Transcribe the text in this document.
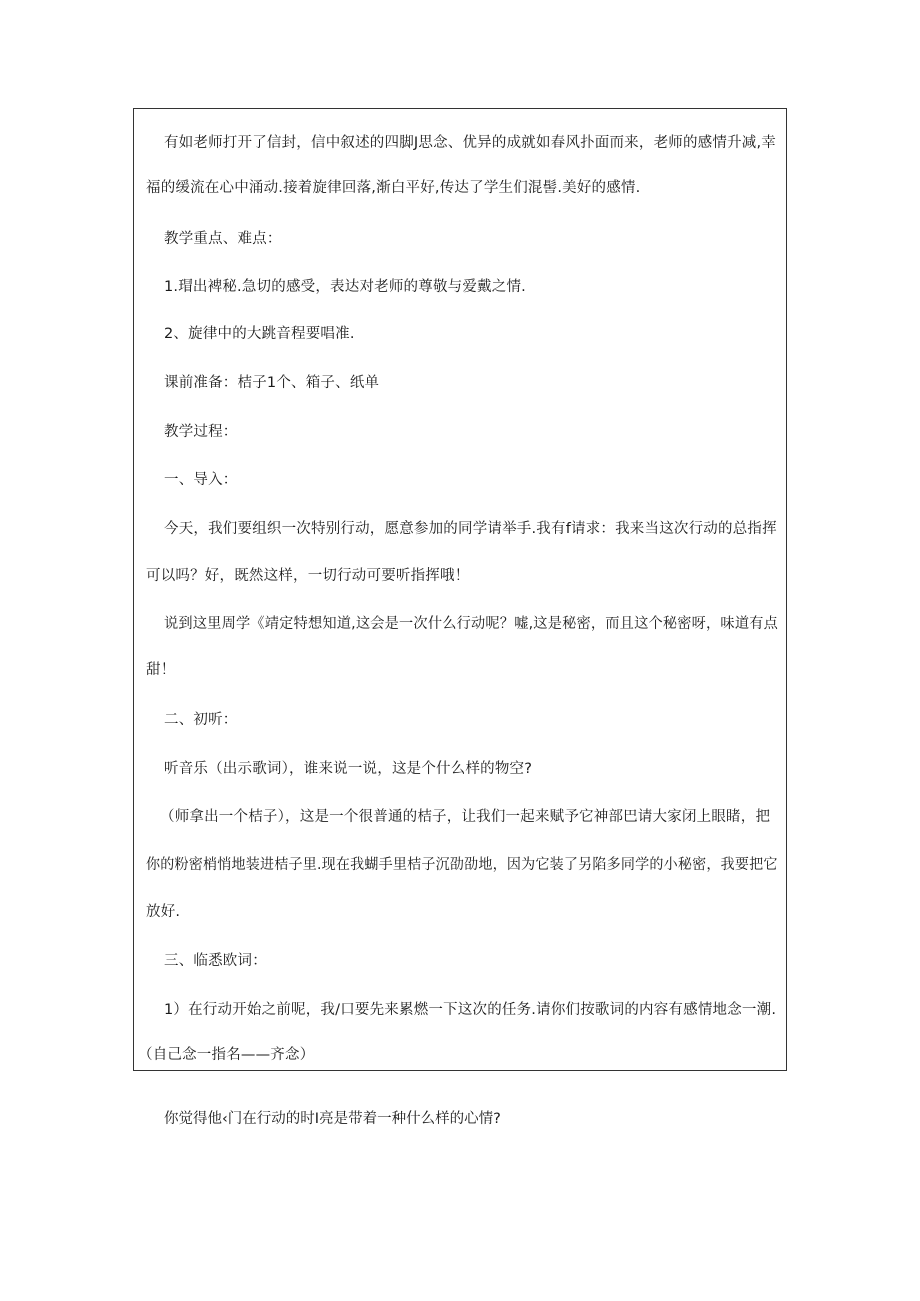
有如老师打开了信封，信中叙述的四脚J思念、优异的成就如春风扑面而来，老师的感情升减,幸
福的缓流在心中涌动.接着旋律回落,渐白平好,传达了学生们混髻.美好的感情.
教学重点、难点：
1.瑁出裨秘.急切的感受，表达对老师的尊敬与爱戴之情.
2、旋律中的大跳音程要唱准.
课前准备：桔子1个、箱子、纸单
教学过程：
一、导入：
今天，我们要组织一次特别行动，愿意参加的同学请举手.我有f请求：我来当这次行动的总指挥
可以吗？好，既然这样，一切行动可要听指挥哦！
说到这里周学《靖定特想知道,这会是一次什么行动呢？嘘,这是秘密，而且这个秘密呀，味道有点
甜！
二、初听：
听音乐（出示歌词），谁来说一说，这是个什么样的物空?
（师拿出一个桔子），这是一个很普通的桔子，让我们一起来赋予它神部巴请大家闭上眼睹，把
你的粉密梢悄地装进桔子里.现在我蝴手里桔子沉劭劭地，因为它装了另陷多同学的小秘密，我要把它
放好.
三、临悉欧词：
1）在行动开始之前呢，我/口要先来累燃一下这次的任务.请你们按歌词的内容有感情地念一潮.
（自己念一指名——齐念）
你觉得他‹门在行动的时I亮是带着一种什么样的心情?
